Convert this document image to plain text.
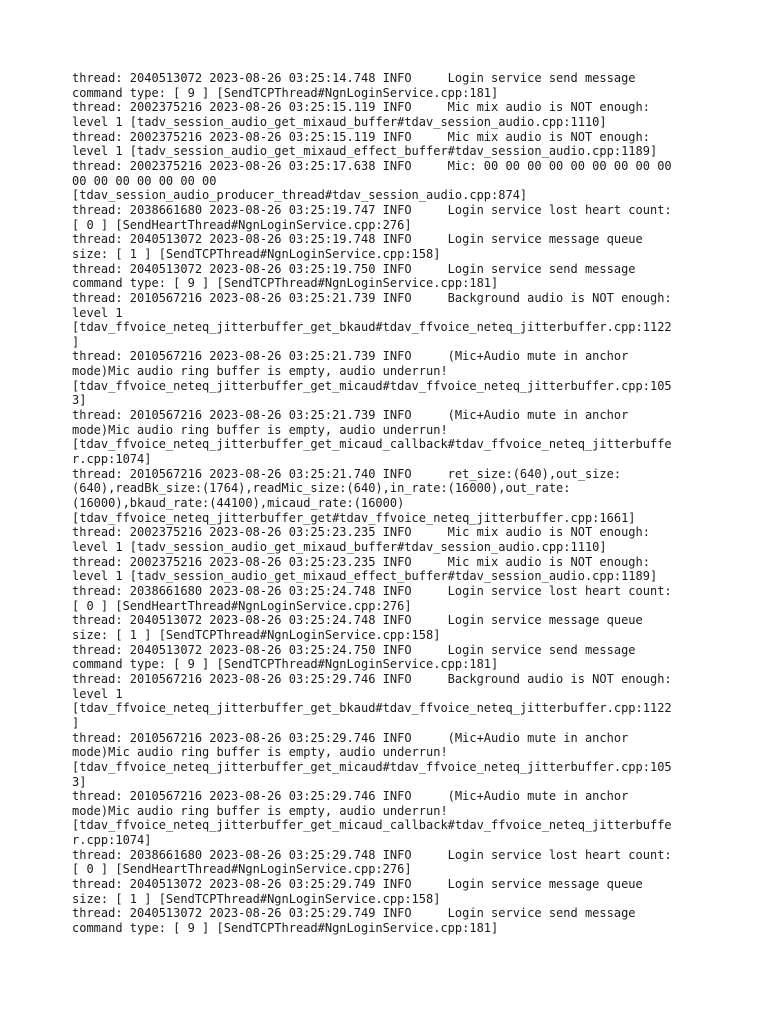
thread: 2040513072 2023-08-26 03:25:14.748 INFO     Login service send message
command type: [ 9 ] [SendTCPThread#NgnLoginService.cpp:181]
thread: 2002375216 2023-08-26 03:25:15.119 INFO     Mic mix audio is NOT enough:
level 1 [tadv_session_audio_get_mixaud_buffer#tdav_session_audio.cpp:1110]
thread: 2002375216 2023-08-26 03:25:15.119 INFO     Mic mix audio is NOT enough:
level 1 [tadv_session_audio_get_mixaud_effect_buffer#tdav_session_audio.cpp:1189]
thread: 2002375216 2023-08-26 03:25:17.638 INFO     Mic: 00 00 00 00 00 00 00 00 00
00 00 00 00 00 00 00
[tdav_session_audio_producer_thread#tdav_session_audio.cpp:874]
thread: 2038661680 2023-08-26 03:25:19.747 INFO     Login service lost heart count:
[ 0 ] [SendHeartThread#NgnLoginService.cpp:276]
thread: 2040513072 2023-08-26 03:25:19.748 INFO     Login service message queue
size: [ 1 ] [SendTCPThread#NgnLoginService.cpp:158]
thread: 2040513072 2023-08-26 03:25:19.750 INFO     Login service send message
command type: [ 9 ] [SendTCPThread#NgnLoginService.cpp:181]
thread: 2010567216 2023-08-26 03:25:21.739 INFO     Background audio is NOT enough:
level 1
[tdav_ffvoice_neteq_jitterbuffer_get_bkaud#tdav_ffvoice_neteq_jitterbuffer.cpp:1122
]
thread: 2010567216 2023-08-26 03:25:21.739 INFO     (Mic+Audio mute in anchor
mode)Mic audio ring buffer is empty, audio underrun!
[tdav_ffvoice_neteq_jitterbuffer_get_micaud#tdav_ffvoice_neteq_jitterbuffer.cpp:105
3]
thread: 2010567216 2023-08-26 03:25:21.739 INFO     (Mic+Audio mute in anchor
mode)Mic audio ring buffer is empty, audio underrun!
[tdav_ffvoice_neteq_jitterbuffer_get_micaud_callback#tdav_ffvoice_neteq_jitterbuffe
r.cpp:1074]
thread: 2010567216 2023-08-26 03:25:21.740 INFO     ret_size:(640),out_size:
(640),readBk_size:(1764),readMic_size:(640),in_rate:(16000),out_rate:
(16000),bkaud_rate:(44100),micaud_rate:(16000)
[tdav_ffvoice_neteq_jitterbuffer_get#tdav_ffvoice_neteq_jitterbuffer.cpp:1661]
thread: 2002375216 2023-08-26 03:25:23.235 INFO     Mic mix audio is NOT enough:
level 1 [tadv_session_audio_get_mixaud_buffer#tdav_session_audio.cpp:1110]
thread: 2002375216 2023-08-26 03:25:23.235 INFO     Mic mix audio is NOT enough:
level 1 [tadv_session_audio_get_mixaud_effect_buffer#tdav_session_audio.cpp:1189]
thread: 2038661680 2023-08-26 03:25:24.748 INFO     Login service lost heart count:
[ 0 ] [SendHeartThread#NgnLoginService.cpp:276]
thread: 2040513072 2023-08-26 03:25:24.748 INFO     Login service message queue
size: [ 1 ] [SendTCPThread#NgnLoginService.cpp:158]
thread: 2040513072 2023-08-26 03:25:24.750 INFO     Login service send message
command type: [ 9 ] [SendTCPThread#NgnLoginService.cpp:181]
thread: 2010567216 2023-08-26 03:25:29.746 INFO     Background audio is NOT enough:
level 1
[tdav_ffvoice_neteq_jitterbuffer_get_bkaud#tdav_ffvoice_neteq_jitterbuffer.cpp:1122
]
thread: 2010567216 2023-08-26 03:25:29.746 INFO     (Mic+Audio mute in anchor
mode)Mic audio ring buffer is empty, audio underrun!
[tdav_ffvoice_neteq_jitterbuffer_get_micaud#tdav_ffvoice_neteq_jitterbuffer.cpp:105
3]
thread: 2010567216 2023-08-26 03:25:29.746 INFO     (Mic+Audio mute in anchor
mode)Mic audio ring buffer is empty, audio underrun!
[tdav_ffvoice_neteq_jitterbuffer_get_micaud_callback#tdav_ffvoice_neteq_jitterbuffe
r.cpp:1074]
thread: 2038661680 2023-08-26 03:25:29.748 INFO     Login service lost heart count:
[ 0 ] [SendHeartThread#NgnLoginService.cpp:276]
thread: 2040513072 2023-08-26 03:25:29.749 INFO     Login service message queue
size: [ 1 ] [SendTCPThread#NgnLoginService.cpp:158]
thread: 2040513072 2023-08-26 03:25:29.749 INFO     Login service send message
command type: [ 9 ] [SendTCPThread#NgnLoginService.cpp:181]
